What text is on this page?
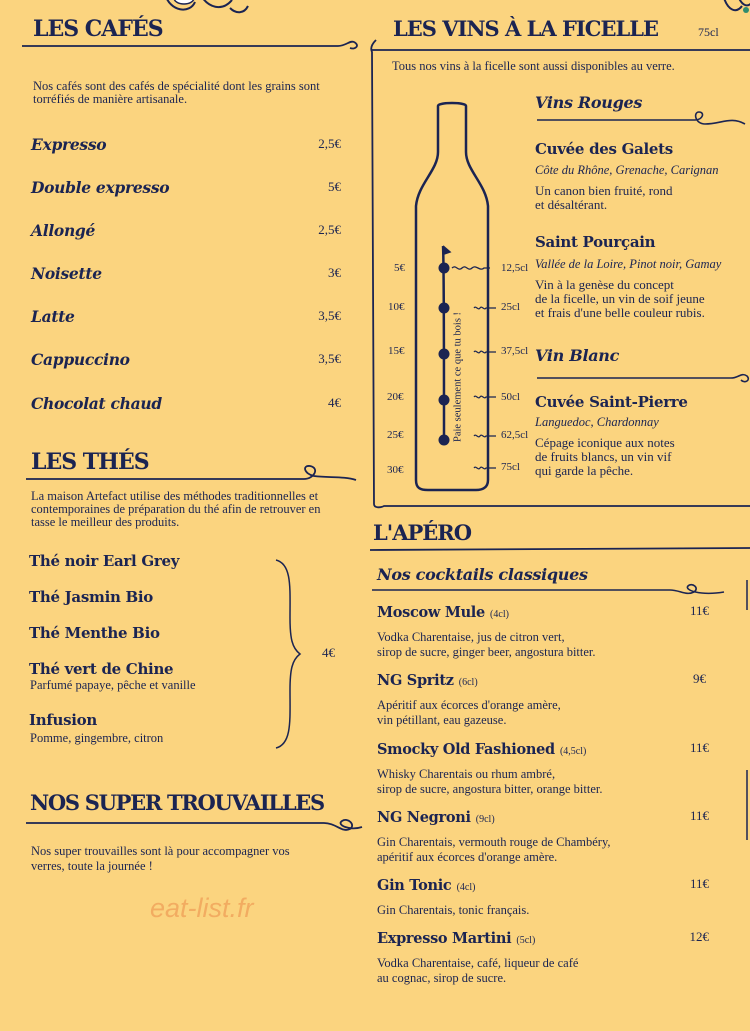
LES CAFÉS
Nos cafés sont des cafés de spécialité dont les grains sont torréfiés de manière artisanale.
Expresso	2,5€
Double expresso	5€
Allongé	2,5€
Noisette	3€
Latte	3,5€
Cappuccino	3,5€
Chocolat chaud	4€
LES THÉS
La maison Artefact utilise des méthodes traditionnelles et contemporaines de préparation du thé afin de retrouver en tasse le meilleur des produits.
Thé noir Earl Grey
Thé Jasmin Bio
Thé Menthe Bio
Thé vert de Chine
Parfumé papaye, pêche et vanille
Infusion
Pomme, gingembre, citron
4€
NOS SUPER TROUVAILLES
Nos super trouvailles sont là pour accompagner vos verres, toute la journée !
eat-list.fr
LES VINS À LA FICELLE	75cl
Tous nos vins à la ficelle sont aussi disponibles au verre.
Paie seulement ce que tu bois !
5€
10€
15€
20€
25€
30€
12,5cl
25cl
37,5cl
50cl
62,5cl
75cl
Vins Rouges
Cuvée des Galets
Côte du Rhône, Grenache, Carignan
Un canon bien fruité, rond
et désaltérant.
Saint Pourçain
Vallée de la Loire, Pinot noir, Gamay
Vin à la genèse du concept
de la ficelle, un vin de soif jeune
et frais d'une belle couleur rubis.
Vin Blanc
Cuvée Saint-Pierre
Languedoc, Chardonnay
Cépage iconique aux notes
de fruits blancs, un vin vif
qui garde la pêche.
L'APÉRO
Nos cocktails classiques
Moscow Mule (4cl)	11€
Vodka Charentaise, jus de citron vert,
sirop de sucre, ginger beer, angostura bitter.
NG Spritz (6cl)	9€
Apéritif aux écorces d'orange amère,
vin pétillant, eau gazeuse.
Smocky Old Fashioned (4,5cl)	11€
Whisky Charentais ou rhum ambré,
sirop de sucre, angostura bitter, orange bitter.
NG Negroni (9cl)	11€
Gin Charentais, vermouth rouge de Chambéry,
apéritif aux écorces d'orange amère.
Gin Tonic (4cl)	11€
Gin Charentais, tonic français.
Expresso Martini (5cl)	12€
Vodka Charentaise, café, liqueur de café
au cognac, sirop de sucre.
